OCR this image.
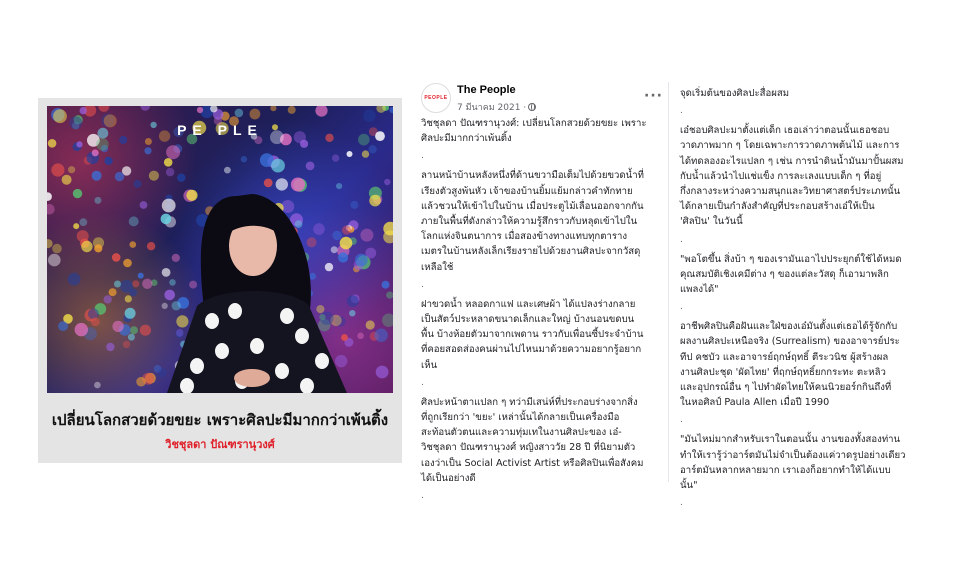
PE PLE
เปลี่ยนโลกสวยด้วยขยะ เพราะศิลปะมีมากกว่าเพ้นติ้ง
วิชชุลดา ปัณฑรานุวงศ์
PEOPLE
The People
7 มีนาคม 2021 ·
···

วิชชุลดา ปัณฑรานุวงศ์: เปลี่ยนโลกสวยด้วยขยะ เพราะ
ศิลปะมีมากกว่าเพ้นติ้ง

.

ลานหน้าบ้านหลังหนึ่งที่ด้านขวามือเต็มไปด้วยขวดน้ำที่
เรียงตัวสูงพ้นหัว เจ้าของบ้านยิ้มแย้มกล่าวคำทักทาย
แล้วชวนให้เข้าไปในบ้าน เมื่อประตูไม้เลื่อนออกจากกัน
ภายในพื้นที่ดังกล่าวให้ความรู้สึกราวกับหลุดเข้าไปใน
โลกแห่งจินตนาการ เมื่อสองข้างทางแทบทุกตาราง
เมตรในบ้านหลังเล็กเรียงรายไปด้วยงานศิลปะจากวัสดุ
เหลือใช้

.

ฝาขวดน้ำ หลอดกาแฟ และเศษผ้า ได้แปลงร่างกลาย
เป็นสัตว์ประหลาดขนาดเล็กและใหญ่ บ้างนอนขดบน
พื้น บ้างห้อยตัวมาจากเพดาน ราวกับเพื่อนซี้ประจำบ้าน
ที่คอยสอดส่องคนผ่านไปไหนมาด้วยความอยากรู้อยาก
เห็น

.

ศิลปะหน้าตาแปลก ๆ ทว่ามีเสน่ห์ที่ประกอบร่างจากสิ่ง
ที่ถูกเรียกว่า 'ขยะ' เหล่านั้นได้กลายเป็นเครื่องมือ
สะท้อนตัวตนและความทุ่มเทในงานศิลปะของ เอ๋-
วิชชุลดา ปัณฑรานุวงศ์ หญิงสาววัย 28 ปี ที่นิยามตัว
เองว่าเป็น Social Activist Artist หรือศิลปินเพื่อสังคม
ได้เป็นอย่างดี

.

จุดเริ่มต้นของศิลปะสื่อผสม

.

เอ๋ชอบศิลปะมาตั้งแต่เด็ก เธอเล่าว่าตอนนั้นเธอชอบ
วาดภาพมาก ๆ โดยเฉพาะการวาดภาพต้นไม้ และการ
ได้ทดลองอะไรแปลก ๆ เช่น การนำดินน้ำมันมาปั้นผสม
กับน้ำแล้วนำไปแช่แข็ง การละเลงแบบเด็ก ๆ ที่อยู่
กึ่งกลางระหว่างความสนุกและวิทยาศาสตร์ประเภทนั้น
ได้กลายเป็นกำลังสำคัญที่ประกอบสร้างเอ๋ให้เป็น
'ศิลปิน' ในวันนี้

.

"พอโตขึ้น สิ่งบ้า ๆ ของเรามันเอาไปประยุกต์ใช้ได้หมด
คุณสมบัติเชิงเคมีต่าง ๆ ของแต่ละวัสดุ ก็เอามาพลิก
แพลงได้"

.

อาชีพศิลปินคือฝันและใฝ่ของเอ๋มันตั้งแต่เธอได้รู้จักกับ
ผลงานศิลปะเหนือจริง (Surrealism) ของอาจารย์ประ
ทีป คชบัว และอาจารย์ฤกษ์ฤทธิ์ ตีระวนิช ผู้สร้างผล
งานศิลปะชุด 'ผัดไทย' ที่ฤกษ์ฤทธิ์ยกกระทะ ตะหลิว
และอุปกรณ์อื่น ๆ ไปทำผัดไทยให้คนนิวยอร์กกินถึงที่
ในหอศิลป์ Paula Allen เมื่อปี 1990

.

"มันไหม่มากสำหรับเราในตอนนั้น งานของทั้งสองท่าน
ทำให้เรารู้ว่าอาร์ตมันไม่จำเป็นต้องแค่วาดรูปอย่างเดียว
อาร์ตมันหลากหลายมาก เราเองก็อยากทำให้ได้แบบ
นั้น"

.
